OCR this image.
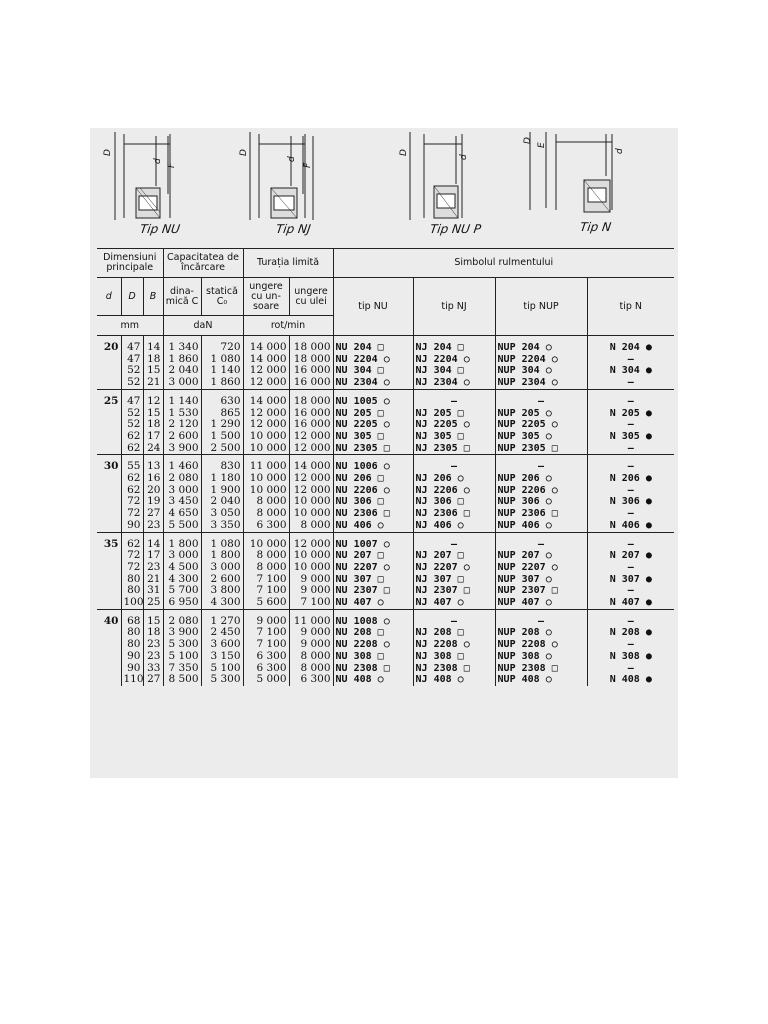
D
d
F
D
d
F
D
d
D
E
d
Tip NU	Tip NJ	Tip NU P	Tip N
Dimensiuni principale			Capacitatea de încărcare		Turația limită		Simbolul rulmentului			
d	D	B	dina- mică C	statică C₀	ungere cu un- soare	ungere cu ulei	tip NU	tip NJ	tip NUP	tip N
mm			daN		rot/min					

20	47	14	1 340	720	14 000	18 000	NU 204 □	NJ 204 □	NUP 204 ○	N 204 ●
	47	18	1 860	1 080	14 000	18 000	NU 2204 ○	NJ 2204 ○	NUP 2204 ○	—
	52	15	2 040	1 140	12 000	16 000	NU 304 □	NJ 304 □	NUP 304 ○	N 304 ●
	52	21	3 000	1 860	12 000	16 000	NU 2304 ○	NJ 2304 ○	NUP 2304 ○	—

25	47	12	1 140	630	14 000	18 000	NU 1005 ○	—	—	—
	52	15	1 530	865	12 000	16 000	NU 205 □	NJ 205 □	NUP 205 ○	N 205 ●
	52	18	2 120	1 290	12 000	16 000	NU 2205 ○	NJ 2205 ○	NUP 2205 ○	—
	62	17	2 600	1 500	10 000	12 000	NU 305 □	NJ 305 □	NUP 305 ○	N 305 ●
	62	24	3 900	2 500	10 000	12 000	NU 2305 □	NJ 2305 □	NUP 2305 □	—

30	55	13	1 460	830	11 000	14 000	NU 1006 ○	—	—	—
	62	16	2 080	1 180	10 000	12 000	NU 206 □	NJ 206 ○	NUP 206 ○	N 206 ●
	62	20	3 000	1 900	10 000	12 000	NU 2206 ○	NJ 2206 ○	NUP 2206 ○	—
	72	19	3 450	2 040	8 000	10 000	NU 306 □	NJ 306 □	NUP 306 ○	N 306 ●
	72	27	4 650	3 050	8 000	10 000	NU 2306 □	NJ 2306 □	NUP 2306 □	—
	90	23	5 500	3 350	6 300	8 000	NU 406 ○	NJ 406 ○	NUP 406 ○	N 406 ●

35	62	14	1 800	1 080	10 000	12 000	NU 1007 ○	—	—	—
	72	17	3 000	1 800	8 000	10 000	NU 207 □	NJ 207 □	NUP 207 ○	N 207 ●
	72	23	4 500	3 000	8 000	10 000	NU 2207 ○	NJ 2207 ○	NUP 2207 ○	—
	80	21	4 300	2 600	7 100	9 000	NU 307 □	NJ 307 □	NUP 307 ○	N 307 ●
	80	31	5 700	3 800	7 100	9 000	NU 2307 □	NJ 2307 □	NUP 2307 □	—
	100	25	6 950	4 300	5 600	7 100	NU 407 ○	NJ 407 ○	NUP 407 ○	N 407 ●

40	68	15	2 080	1 270	9 000	11 000	NU 1008 ○	—	—	—
	80	18	3 900	2 450	7 100	9 000	NU 208 □	NJ 208 □	NUP 208 ○	N 208 ●
	80	23	5 300	3 600	7 100	9 000	NU 2208 ○	NJ 2208 ○	NUP 2208 ○	—
	90	23	5 100	3 150	6 300	8 000	NU 308 □	NJ 308 □	NUP 308 ○	N 308 ●
	90	33	7 350	5 100	6 300	8 000	NU 2308 □	NJ 2308 □	NUP 2308 □	—
	110	27	8 500	5 300	5 000	6 300	NU 408 ○	NJ 408 ○	NUP 408 ○	N 408 ●
